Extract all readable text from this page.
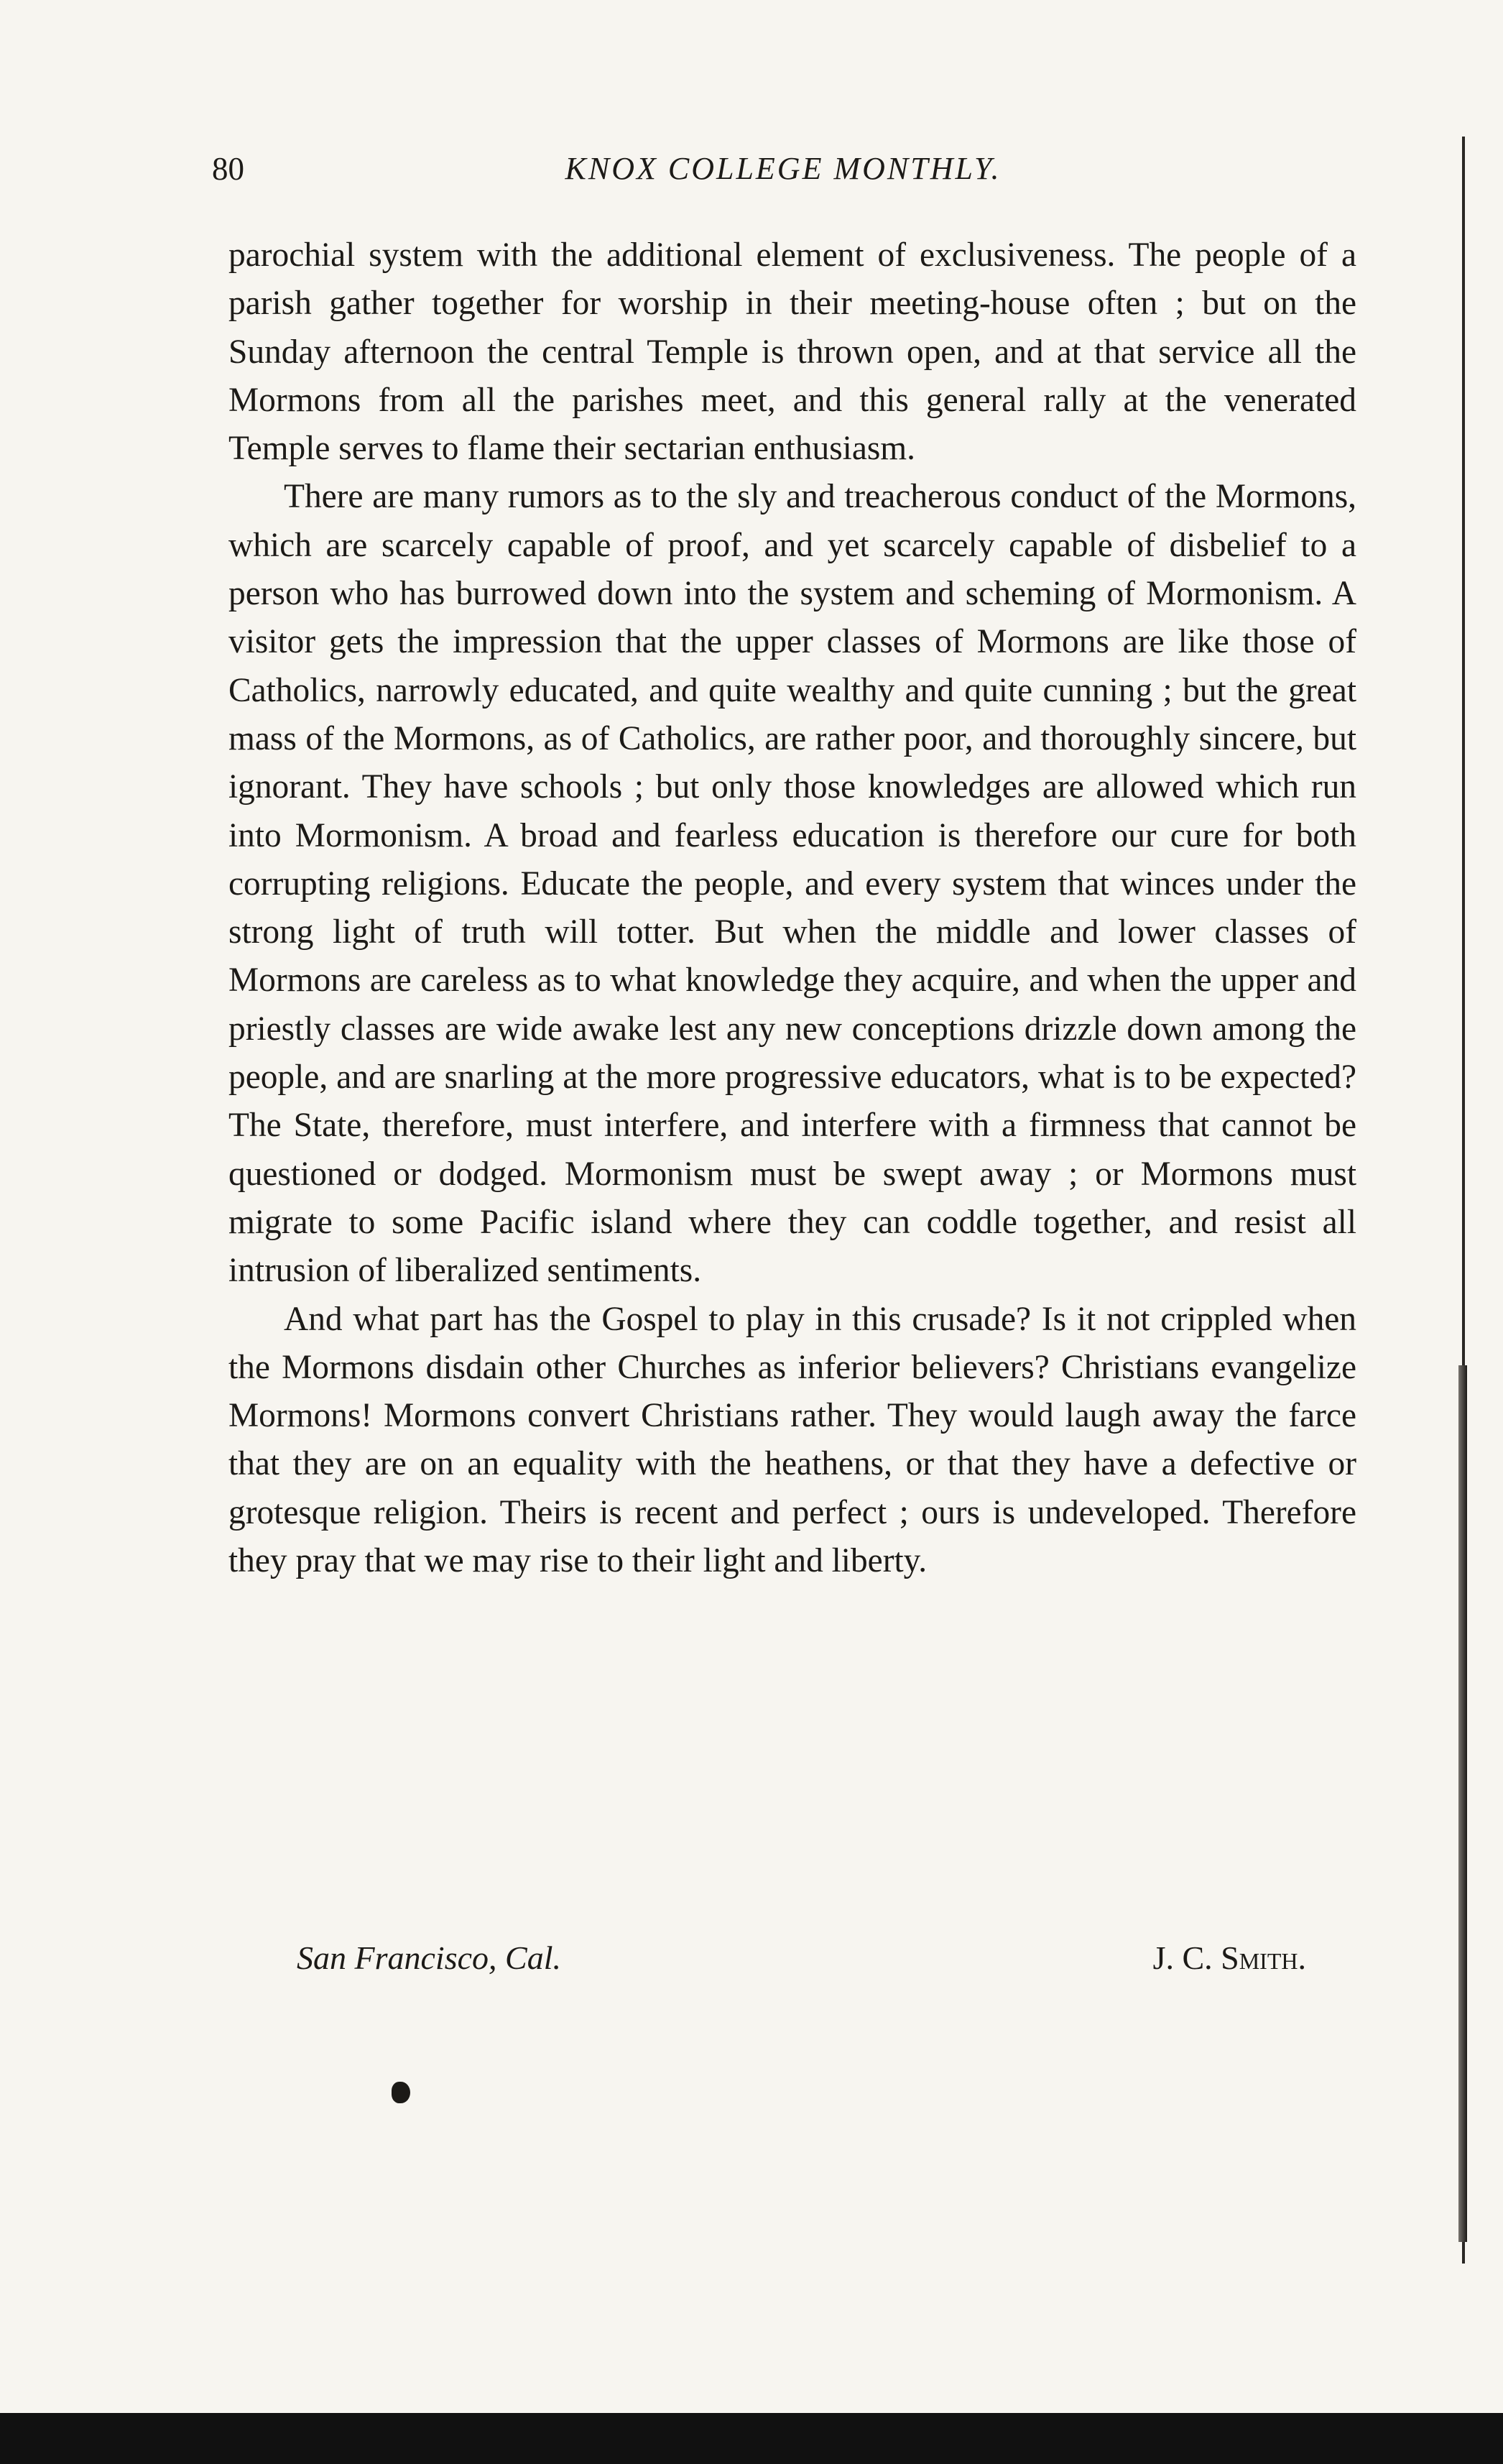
80	KNOX COLLEGE MONTHLY.

parochial system with the additional element of exclusiveness. The people of a parish gather together for worship in their meeting-house often ; but on the Sunday afternoon the central Temple is thrown open, and at that service all the Mormons from all the parishes meet, and this general rally at the venerated Temple serves to flame their sectarian enthusiasm.

There are many rumors as to the sly and treacherous conduct of the Mormons, which are scarcely capable of proof, and yet scarcely capable of disbelief to a person who has burrowed down into the system and scheming of Mormonism. A visitor gets the impression that the upper classes of Mormons are like those of Catholics, narrowly educated, and quite wealthy and quite cunning ; but the great mass of the Mormons, as of Catholics, are rather poor, and thoroughly sincere, but ignorant. They have schools ; but only those knowledges are allowed which run into Mormonism. A broad and fearless education is therefore our cure for both corrupting religions. Educate the people, and every system that winces under the strong light of truth will totter. But when the middle and lower classes of Mormons are careless as to what knowledge they acquire, and when the upper and priestly classes are wide awake lest any new conceptions drizzle down among the people, and are snarling at the more progressive educators, what is to be expected? The State, therefore, must interfere, and interfere with a firmness that cannot be questioned or dodged. Mormonism must be swept away ; or Mormons must migrate to some Pacific island where they can coddle together, and resist all intrusion of liberalized sentiments.

And what part has the Gospel to play in this crusade? Is it not crippled when the Mormons disdain other Churches as inferior believers? Christians evangelize Mormons! Mormons convert Christians rather. They would laugh away the farce that they are on an equality with the heathens, or that they have a defective or grotesque religion. Theirs is recent and perfect ; ours is undeveloped. Therefore they pray that we may rise to their light and liberty.

San Francisco, Cal.	J. C. Smith.
